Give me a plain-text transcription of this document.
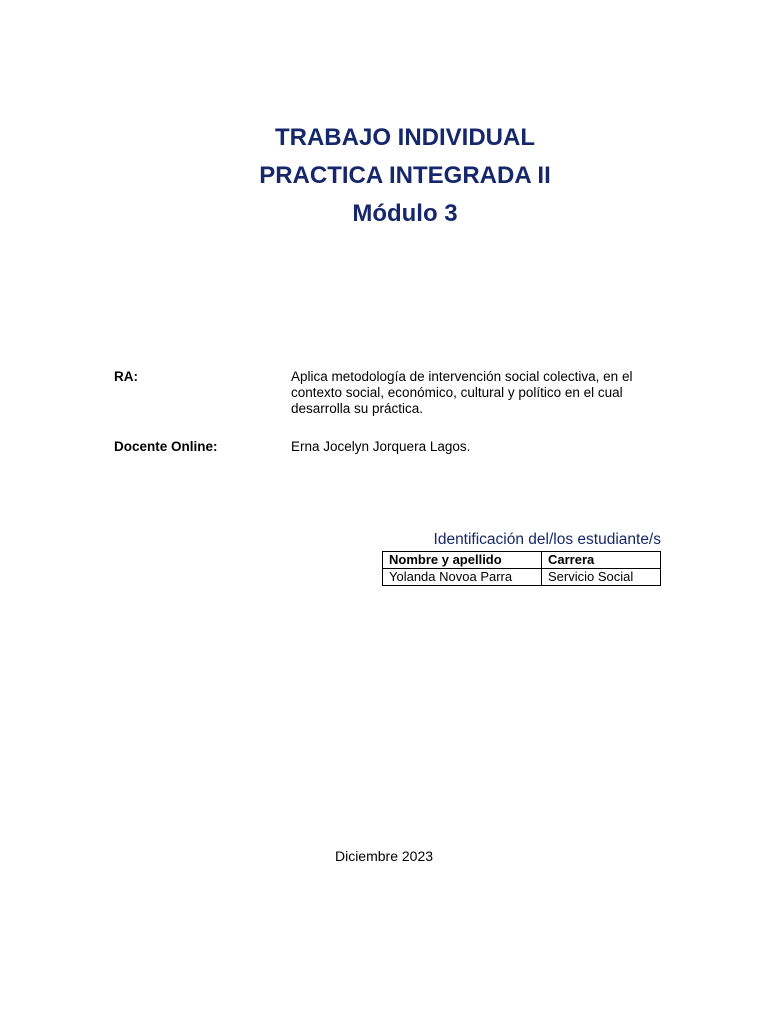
TRABAJO INDIVIDUAL
PRACTICA INTEGRADA II
Módulo 3
RA:	Aplica metodología de intervención social colectiva, en el contexto social, económico, cultural y político en el cual desarrolla su práctica.
Docente Online:	Erna Jocelyn Jorquera Lagos.
Identificación del/los estudiante/s
Nombre y apellido	Carrera
Yolanda Novoa Parra	Servicio Social
Diciembre 2023
